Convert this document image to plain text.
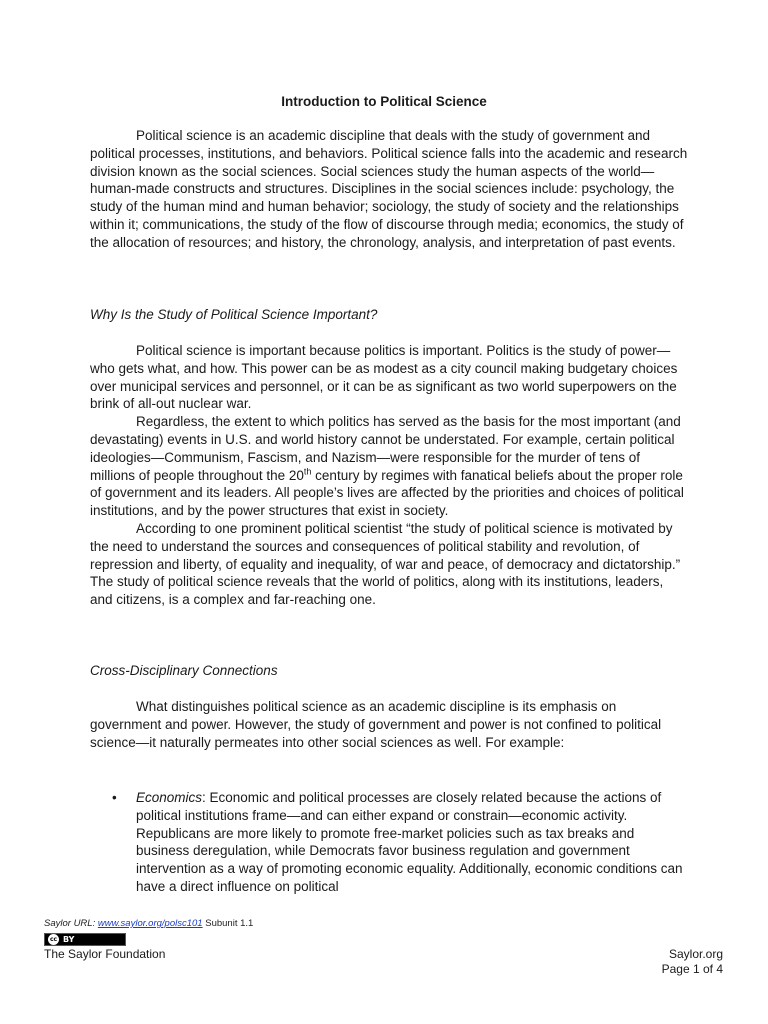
Introduction to Political Science

Political science is an academic discipline that deals with the study of government and political processes, institutions, and behaviors. Political science falls into the academic and research division known as the social sciences. Social sciences study the human aspects of the world—human-made constructs and structures. Disciplines in the social sciences include: psychology, the study of the human mind and human behavior; sociology, the study of society and the relationships within it; communications, the study of the flow of discourse through media; economics, the study of the allocation of resources; and history, the chronology, analysis, and interpretation of past events.

Why Is the Study of Political Science Important?

Political science is important because politics is important. Politics is the study of power—who gets what, and how. This power can be as modest as a city council making budgetary choices over municipal services and personnel, or it can be as significant as two world superpowers on the brink of all-out nuclear war.

Regardless, the extent to which politics has served as the basis for the most important (and devastating) events in U.S. and world history cannot be understated. For example, certain political ideologies—Communism, Fascism, and Nazism—were responsible for the murder of tens of millions of people throughout the 20th century by regimes with fanatical beliefs about the proper role of government and its leaders. All people’s lives are affected by the priorities and choices of political institutions, and by the power structures that exist in society.

According to one prominent political scientist “the study of political science is motivated by the need to understand the sources and consequences of political stability and revolution, of repression and liberty, of equality and inequality, of war and peace, of democracy and dictatorship.” The study of political science reveals that the world of politics, along with its institutions, leaders, and citizens, is a complex and far-reaching one.

Cross-Disciplinary Connections

What distinguishes political science as an academic discipline is its emphasis on government and power. However, the study of government and power is not confined to political science—it naturally permeates into other social sciences as well. For example:

• Economics: Economic and political processes are closely related because the actions of political institutions frame—and can either expand or constrain—economic activity. Republicans are more likely to promote free-market policies such as tax breaks and business deregulation, while Democrats favor business regulation and government intervention as a way of promoting economic equality. Additionally, economic conditions can have a direct influence on political
Saylor URL: www.saylor.org/polsc101 Subunit 1.1
cc BY
The Saylor Foundation	Saylor.org
Page 1 of 4
